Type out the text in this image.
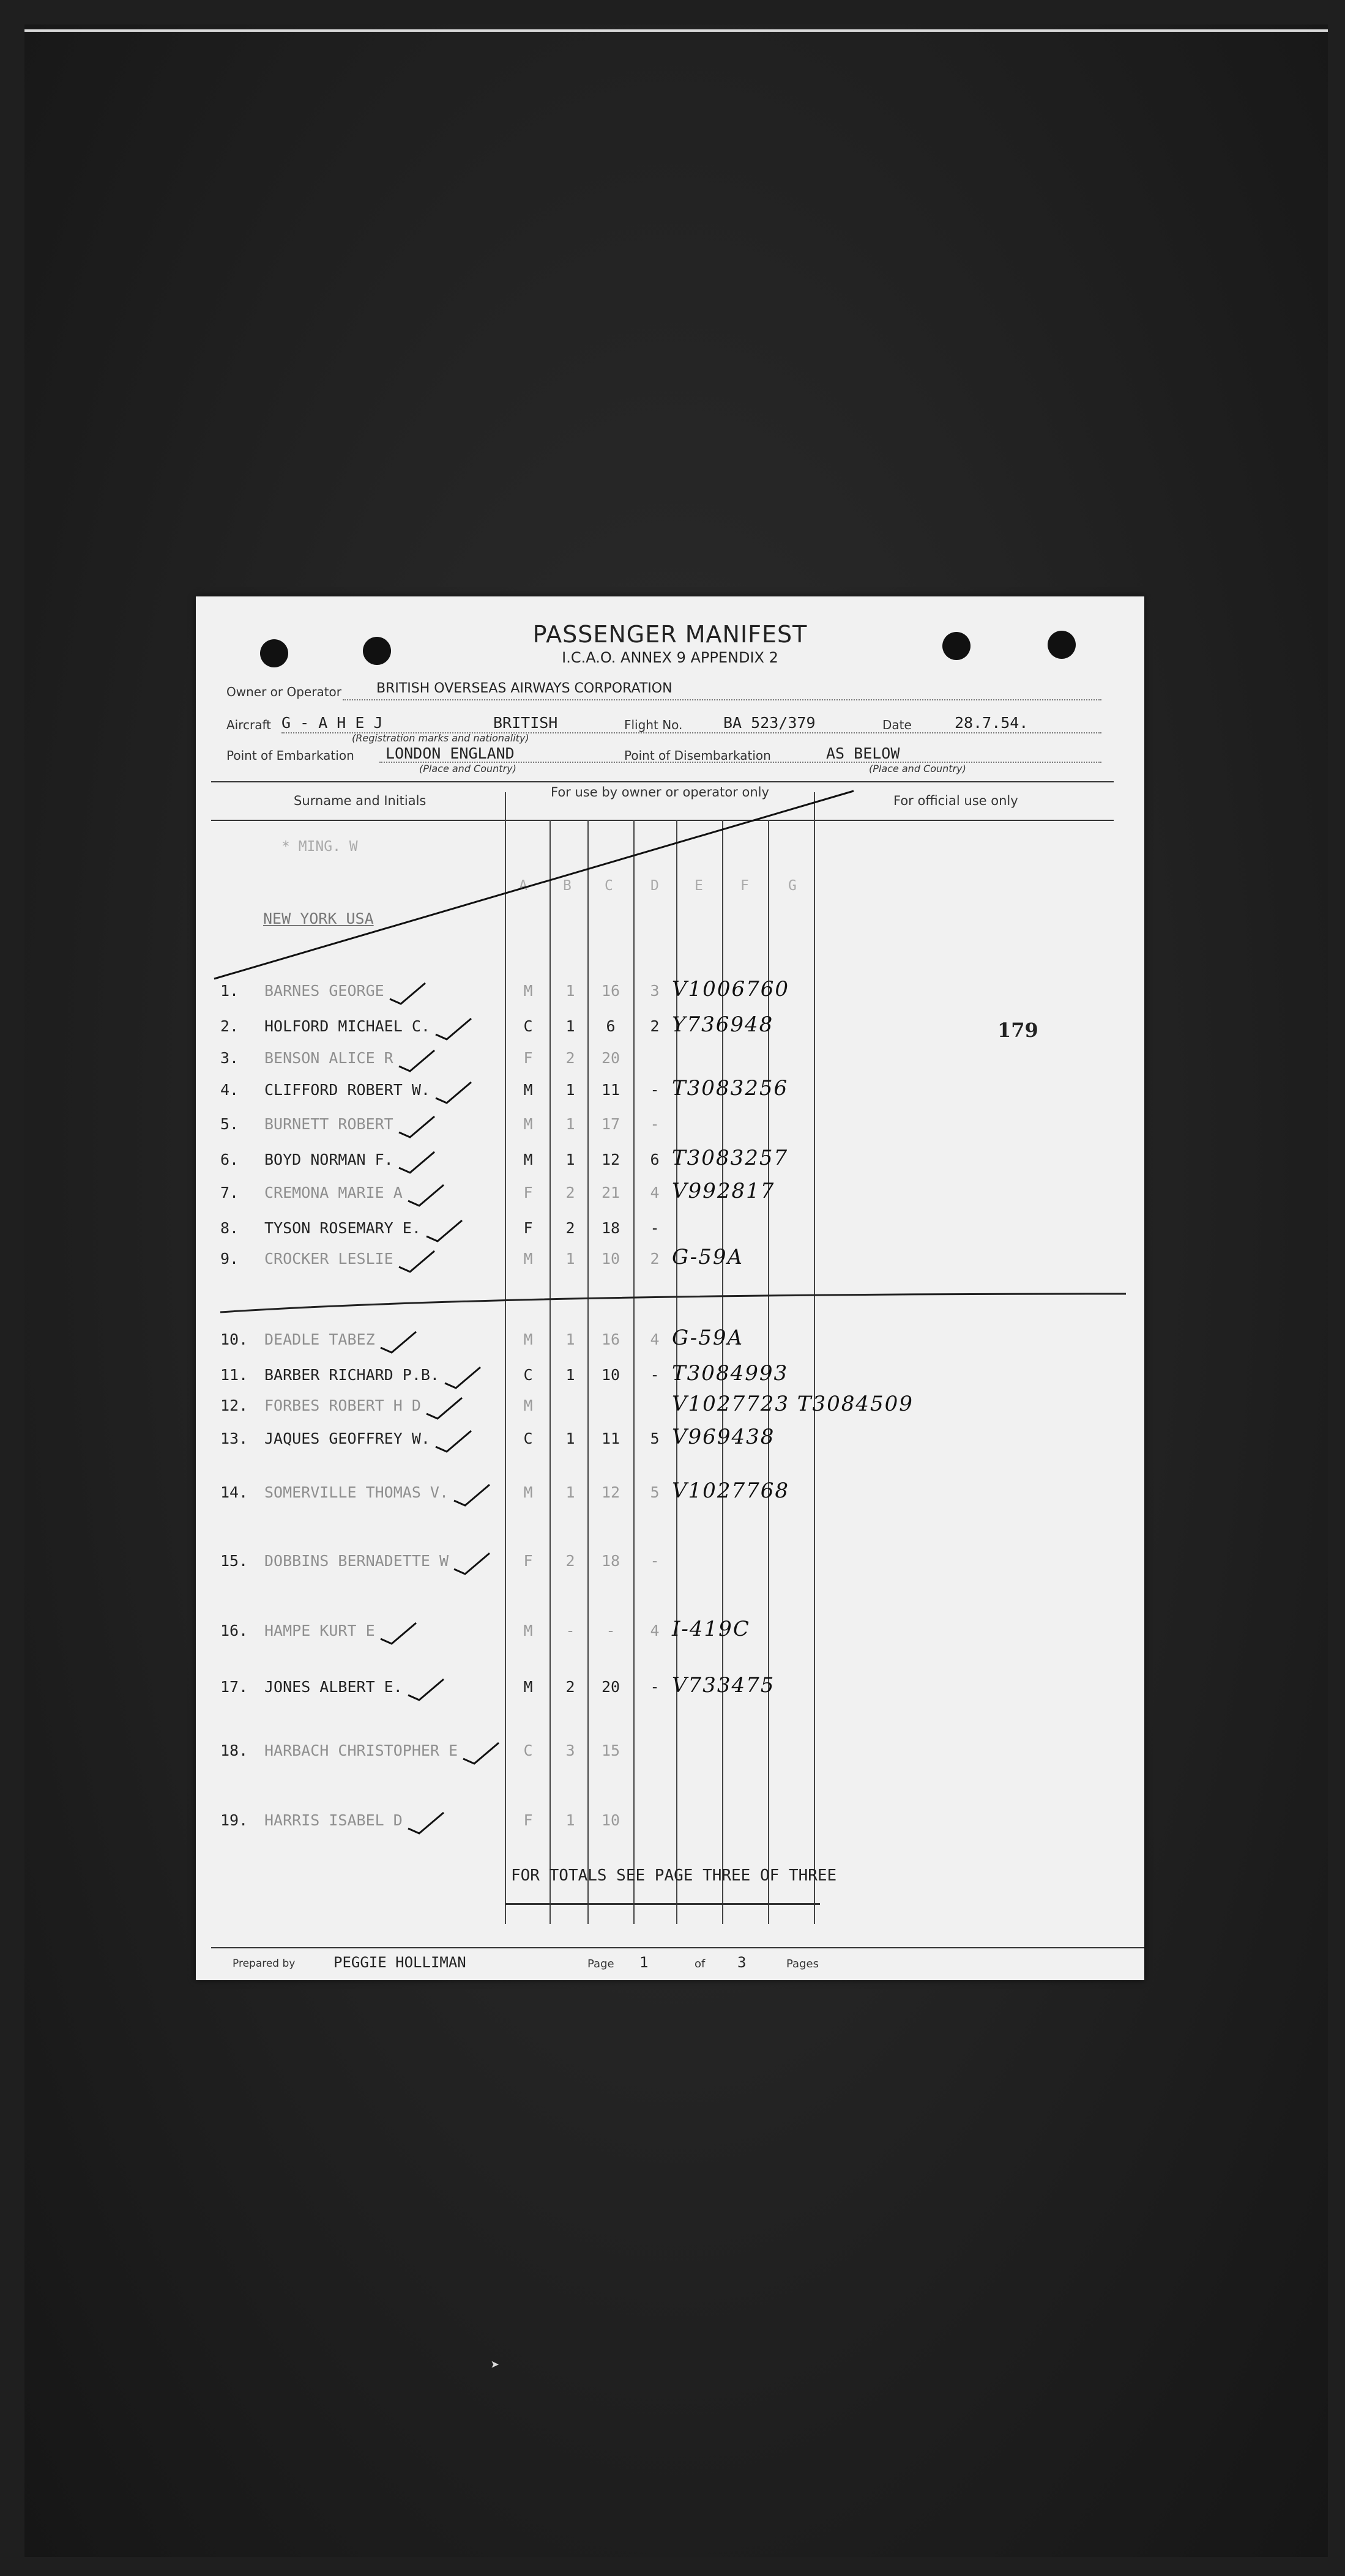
PASSENGER MANIFEST
I.C.A.O. ANNEX 9 APPENDIX 2
Owner or Operator	BRITISH OVERSEAS AIRWAYS CORPORATION
Aircraft G - A H E J	BRITISH
(Registration marks and nationality)
Flight No.	BA 523/379	Date	28.7.54.
Point of Embarkation LONDON ENGLAND
(Place and Country)
Point of Disembarkation	AS BELOW
(Place and Country)
Surname and Initials
For use by owner or operator only
For official use only
A	B C	D	E	F	G
* MING. W
NEW YORK USA
1.	BARNES GEORGE	M 1 16 3 V1006760
2.	HOLFORD MICHAEL C.	C 1	6	2 Y736948
3.	BENSON ALICE R	F 2 20
4.	CLIFFORD ROBERT W.	M 1 11 - T3083256
5.	BURNETT ROBERT	M 1 17 -
6.	BOYD NORMAN F.	M 1 12 6 T3083257
7.	CREMONA MARIE A	F 2 21 4 V992817
8.	TYSON ROSEMARY E.	F 2 18 -
9.	CROCKER LESLIE	M 1 10 2 G-59A
10. DEADLE TABEZ	M 1 16 4 G-59A
11. BARBER RICHARD P.B.	C 1 10 - T3084993
12. FORBES ROBERT H D	M	V1027723 T3084509
13. JAQUES GEOFFREY W.	C 1 11 5 V969438
14. SOMERVILLE THOMAS V.	M 1 12 5 V1027768
15. DOBBINS BERNADETTE W	F 2 18 -
16. HAMPE KURT E	M -	-	4 I-419C
17. JONES ALBERT E.	M 2 20 - V733475
18. HARBACH CHRISTOPHER E	C 3 15
19. HARRIS ISABEL D	F 1 10
179
FOR TOTALS SEE PAGE THREE OF THREE
Prepared by	PEGGIE HOLLIMAN	Page 1	of 3	Pages
➤
